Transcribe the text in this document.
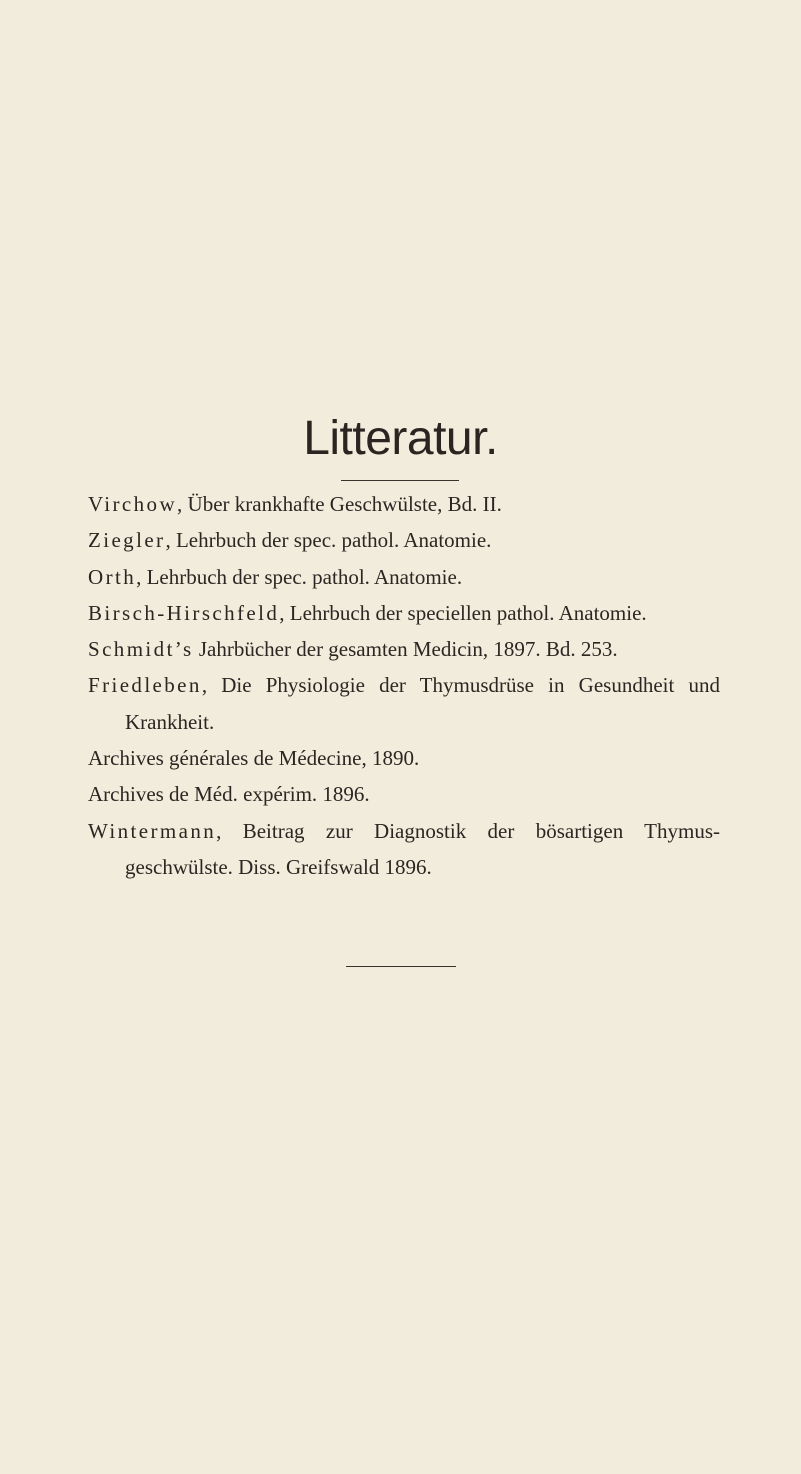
Litteratur.
Virchow, Über krankhafte Geschwülste, Bd. II.
Ziegler, Lehrbuch der spec. pathol. Anatomie.
Orth, Lehrbuch der spec. pathol. Anatomie.
Birsch-Hirschfeld, Lehrbuch der speciellen pathol. Anatomie.
Schmidt’s Jahrbücher der gesamten Medicin, 1897. Bd. 253.
Friedleben, Die Physiologie der Thymusdrüse in Gesundheit und Krankheit.
Archives générales de Médecine, 1890.
Archives de Méd. expérim. 1896.
Wintermann, Beitrag zur Diagnostik der bösartigen Thymus-geschwülste. Diss. Greifswald 1896.
